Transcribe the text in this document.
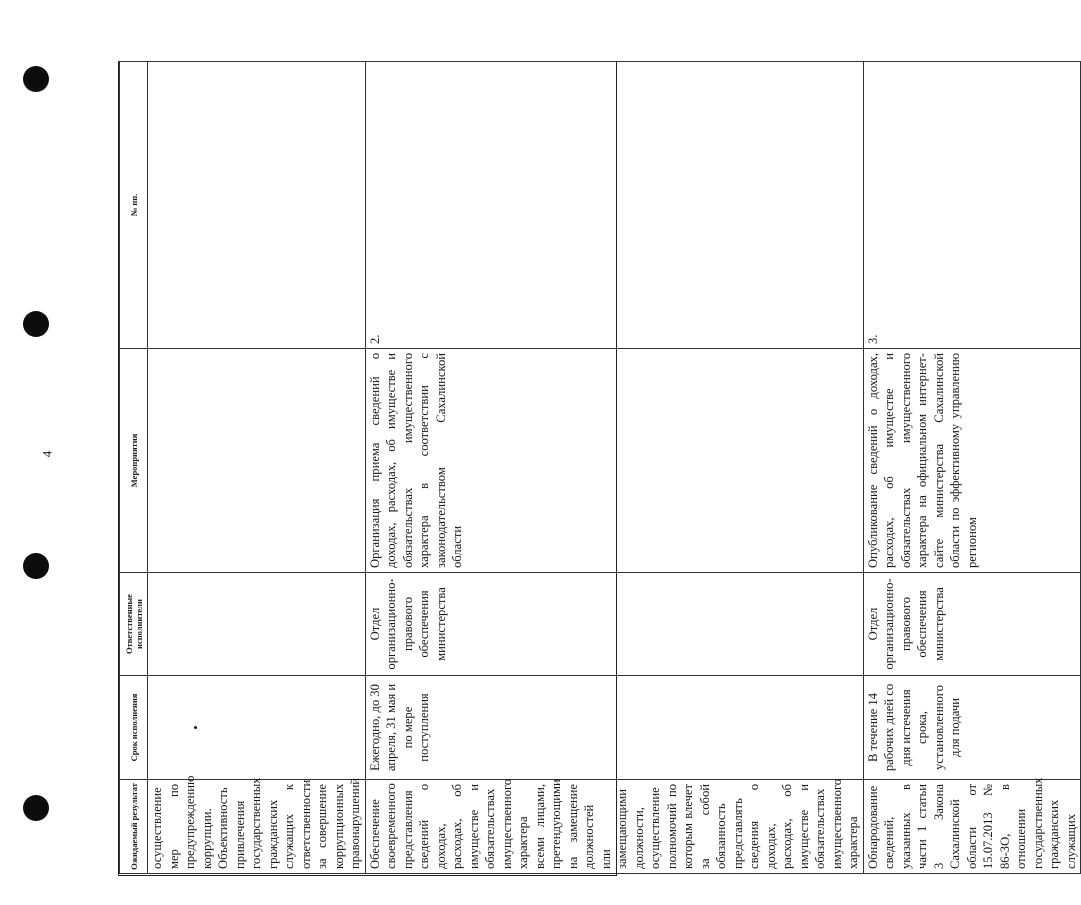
4
Ожидаемый результат	Срок исполнения	Ответственные исполнители	Мероприятия	№ пп.
осуществление мер по предупреждению коррупции. Объективность привлечения государственных гражданских служащих к ответственности за совершение коррупционных правонарушений	•			
Обеспечение своевременного представления сведений о доходах, расходах, об имуществе и обязательствах имущественного характера всеми лицами, претендующими на замещение должностей или замещающими должности, осуществление полномочий по которым влечет за собой обязанность представлять сведения о доходах, расходах, об имуществе и обязательствах имущественного характера	Ежегодно, до 30 апреля, 31 мая и по мере поступления	Отдел организационно-правового обеспечения министерства	Организация приема сведений о доходах, расходах, об имуществе и обязательствах имущественного характера в соответствии с законодательством Сахалинской области	2.
Обнародование сведений, указанных в части 1 статьи 3 Закона Сахалинской области от 15.07.2013 № 86-ЗО, в отношении государственных гражданских служащих	В течение 14 рабочих дней со дня истечения срока, установленного для подачи	Отдел организационно-правового обеспечения министерства	Опубликование сведений о доходах, расходах, об имуществе и обязательствах имущественного характера на официальном интернет-сайте министерства Сахалинской области по эффективному управлению регионом	3.
